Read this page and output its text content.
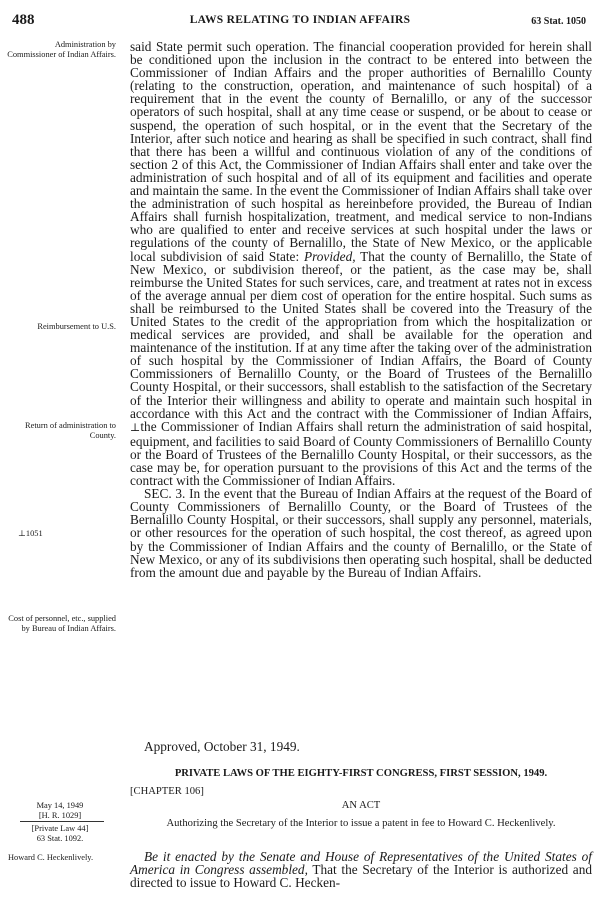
488	LAWS RELATING TO INDIAN AFFAIRS	63 Stat. 1050
Administration by Commissioner of Indian Affairs.
Reimbursement to U.S.
Return of administration to County.
⊥1051
Cost of personnel, etc., supplied by Bureau of Indian Affairs.

said State permit such operation. The financial cooperation provided for herein shall be conditioned upon the inclusion in the contract to be entered into between the Commissioner of Indian Affairs and the proper authorities of Bernalillo County (relating to the construction, operation, and maintenance of such hospital) of a requirement that in the event the county of Bernalillo, or any of the successor operators of such hospital, shall at any time cease or suspend, or be about to cease or suspend, the operation of such hospital, or in the event that the Secretary of the Interior, after such notice and hearing as shall be specified in such contract, shall find that there has been a willful and continuous violation of any of the conditions of section 2 of this Act, the Commissioner of Indian Affairs shall enter and take over the administration of such hospital and of all of its equipment and facilities and operate and maintain the same. In the event the Commissioner of Indian Affairs shall take over the administration of such hospital as hereinbefore provided, the Bureau of Indian Affairs shall furnish hospitalization, treatment, and medical service to non-Indians who are qualified to enter and receive services at such hospital under the laws or regulations of the county of Bernalillo, the State of New Mexico, or the applicable local subdivision of said State: Provided, That the county of Bernalillo, the State of New Mexico, or subdivision thereof, or the patient, as the case may be, shall reimburse the United States for such services, care, and treatment at rates not in excess of the average annual per diem cost of operation for the entire hospital. Such sums as shall be reimbursed to the United States shall be covered into the Treasury of the United States to the credit of the appropriation from which the hospitalization or medical services are provided, and shall be available for the operation and maintenance of the institution. If at any time after the taking over of the administration of such hospital by the Commissioner of Indian Affairs, the Board of County Commissioners of Bernalillo County, or the Board of Trustees of the Bernalillo County Hospital, or their successors, shall establish to the satisfaction of the Secretary of the Interior their willingness and ability to operate and maintain such hospital in accordance with this Act and the contract with the Commissioner of Indian Affairs, ⊥the Commissioner of Indian Affairs shall return the administration of said hospital, equipment, and facilities to said Board of County Commissioners of Bernalillo County or the Board of Trustees of the Bernalillo County Hospital, or their successors, as the case may be, for operation pursuant to the provisions of this Act and the terms of the contract with the Commissioner of Indian Affairs.

SEC. 3. In the event that the Bureau of Indian Affairs at the request of the Board of County Commissioners of Bernalillo County, or the Board of Trustees of the Bernalillo County Hospital, or their successors, shall supply any personnel, materials, or other resources for the operation of such hospital, the cost thereof, as agreed upon by the Commissioner of Indian Affairs and the county of Bernalillo, or the State of New Mexico, or any of its subdivisions then operating such hospital, shall be deducted from the amount due and payable by the Bureau of Indian Affairs.

Approved, October 31, 1949.
PRIVATE LAWS OF THE EIGHTY-FIRST CONGRESS, FIRST SESSION, 1949.
[CHAPTER 106]
AN ACT
May 14, 1949
[H. R. 1029]
[Private Law 44]
63 Stat. 1092.
Authorizing the Secretary of the Interior to issue a patent in fee to Howard C. Heckenlively.
Howard C. Heckenlively.	Be it enacted by the Senate and House of Representatives of the United States of America in Congress assembled, That the Secretary of the Interior is authorized and directed to issue to Howard C. Hecken-
